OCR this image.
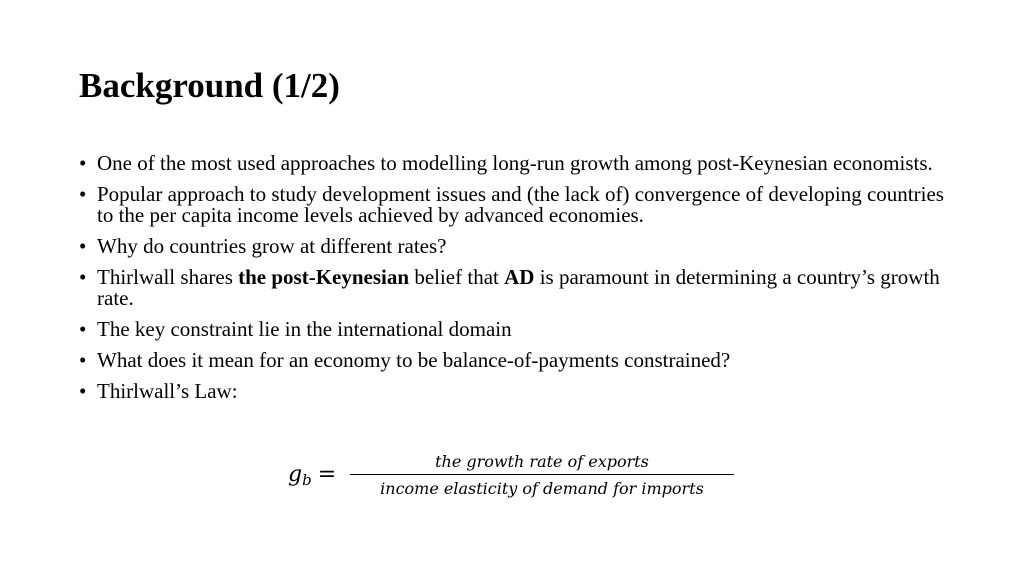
Background (1/2)
• One of the most used approaches to modelling long-run growth among post-Keynesian economists.
• Popular approach to study development issues and (the lack of) convergence of developing countries to the per capita income levels achieved by advanced economies.
• Why do countries grow at different rates?
• Thirlwall shares the post-Keynesian belief that AD is paramount in determining a country’s growth rate.
• The key constraint lie in the international domain
• What does it mean for an economy to be balance-of-payments constrained?
• Thirlwall’s Law:
$g_b$ =
the growth rate of exports
income elasticity of demand for imports
